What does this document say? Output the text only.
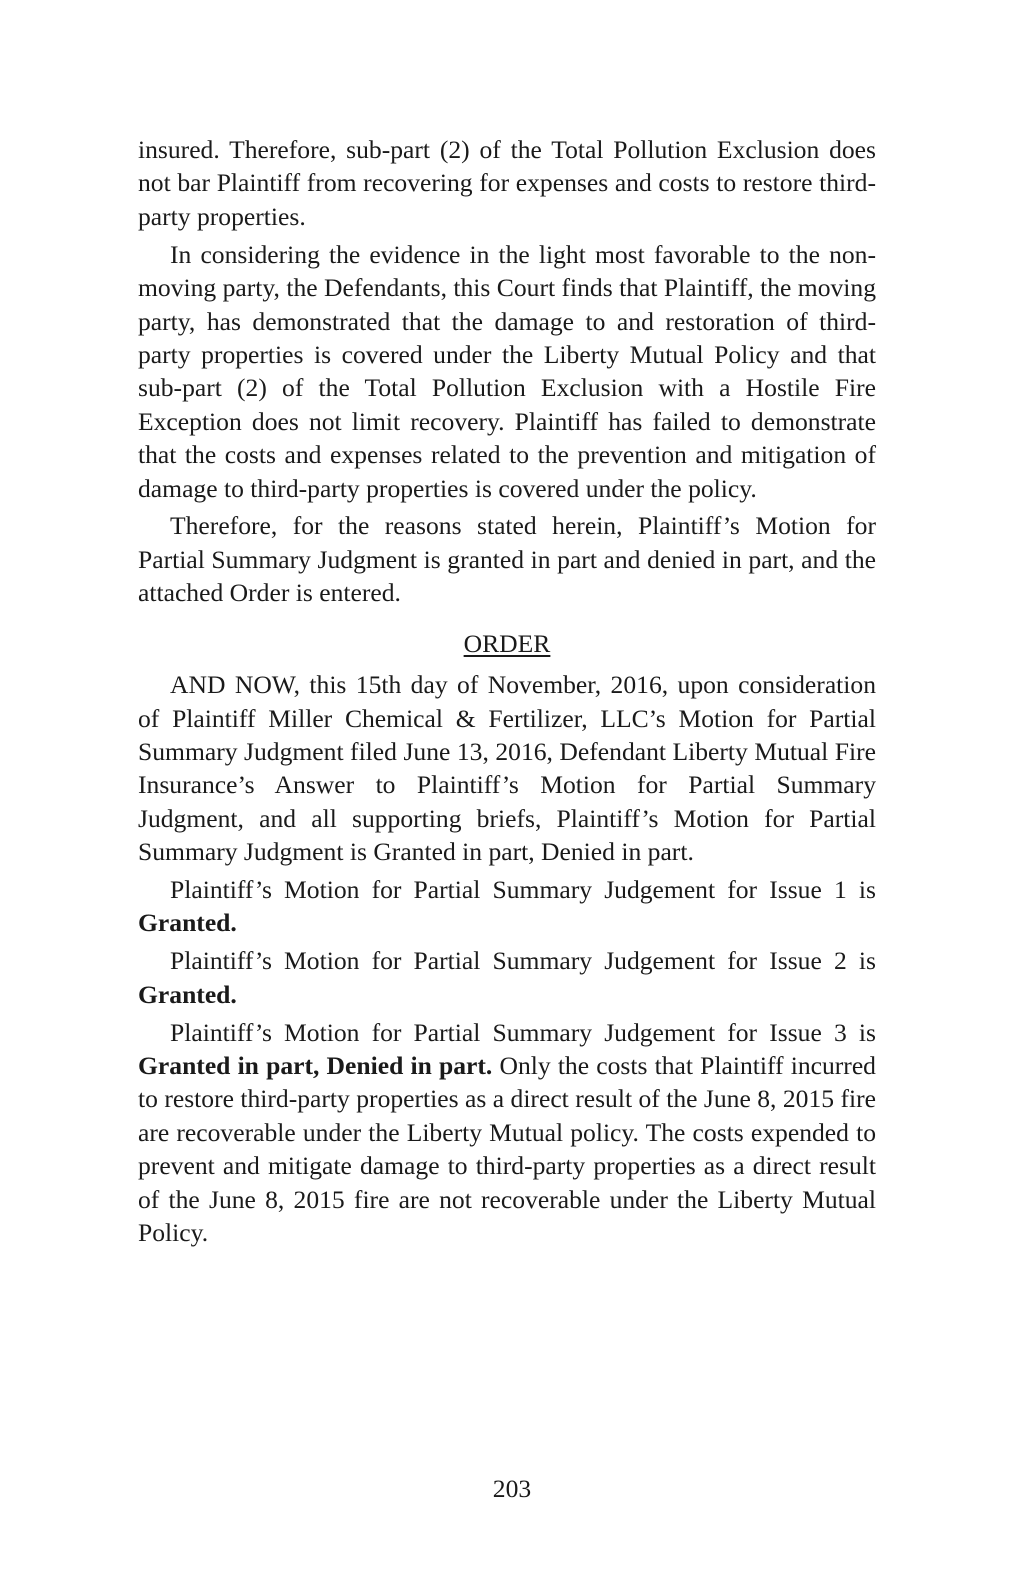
insured. Therefore, sub-part (2) of the Total Pollution Exclusion does not bar Plaintiff from recovering for expenses and costs to restore third-party properties.

In considering the evidence in the light most favorable to the non-moving party, the Defendants, this Court finds that Plaintiff, the moving party, has demonstrated that the damage to and restoration of third-party properties is covered under the Liberty Mutual Policy and that sub-part (2) of the Total Pollution Exclusion with a Hostile Fire Exception does not limit recovery. Plaintiff has failed to demonstrate that the costs and expenses related to the prevention and mitigation of damage to third-party properties is covered under the policy.

Therefore, for the reasons stated herein, Plaintiff’s Motion for Partial Summary Judgment is granted in part and denied in part, and the attached Order is entered.

ORDER

AND NOW, this 15th day of November, 2016, upon consideration of Plaintiff Miller Chemical & Fertilizer, LLC’s Motion for Partial Summary Judgment filed June 13, 2016, Defendant Liberty Mutual Fire Insurance’s Answer to Plaintiff’s Motion for Partial Summary Judgment, and all supporting briefs, Plaintiff’s Motion for Partial Summary Judgment is Granted in part, Denied in part.

Plaintiff’s Motion for Partial Summary Judgement for Issue 1 is Granted.

Plaintiff’s Motion for Partial Summary Judgement for Issue 2 is Granted.

Plaintiff’s Motion for Partial Summary Judgement for Issue 3 is Granted in part, Denied in part. Only the costs that Plaintiff incurred to restore third-party properties as a direct result of the June 8, 2015 fire are recoverable under the Liberty Mutual policy. The costs expended to prevent and mitigate damage to third-party properties as a direct result of the June 8, 2015 fire are not recoverable under the Liberty Mutual Policy.

203
